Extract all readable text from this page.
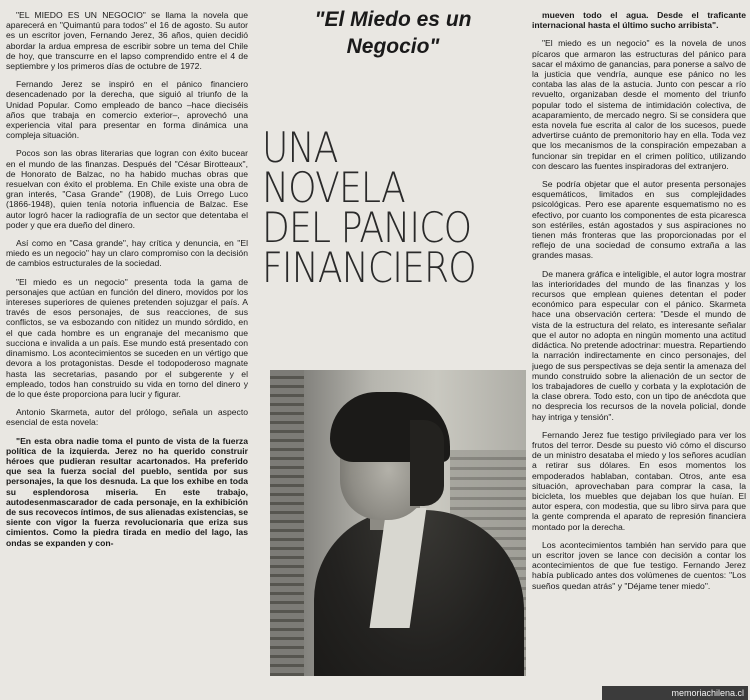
"EL MIEDO ES UN NEGOCIO" se llama la novela que aparecerá en "Quimantú para todos" el 16 de agosto. Su autor es un escritor joven, Fernando Jerez, 36 años, quien decidió abordar la ardua empresa de escribir sobre un tema del Chile de hoy, que transcurre en el lapso comprendido entre el 4 de septiembre y los primeros días de octubre de 1972.

Fernando Jerez se inspiró en el pánico financiero desencadenado por la derecha, que siguió al triunfo de la Unidad Popular. Como empleado de banco –hace dieciséis años que trabaja en comercio exterior–, aprovechó una experiencia vital para presentar en forma dinámica una compleja situación.

Pocos son las obras literarias que logran con éxito bucear en el mundo de las finanzas. Después del "César Birotteaux", de Honorato de Balzac, no ha habido muchas obras que resuelvan con éxito el problema. En Chile existe una obra de gran interés, "Casa Grande" (1908), de Luis Orrego Luco (1866-1948), quien tenía notoria influencia de Balzac. Ese autor logró hacer la radiografía de un sector que detentaba el poder y que era dueño del dinero.

Así como en "Casa grande", hay crítica y denuncia, en "El miedo es un negocio" hay un claro compromiso con la decisión de cambios estructurales de la sociedad.

"El miedo es un negocio" presenta toda la gama de personajes que actúan en función del dinero, movidos por los intereses superiores de quienes pretenden sojuzgar el país. A través de esos personajes, de sus reacciones, de sus conflictos, se va esbozando con nitidez un mundo sórdido, en el que cada hombre es un engranaje del mecanismo que succiona e invalida a un país. Ese mundo está presentado con dinamismo. Los acontecimientos se suceden en un vértigo que devora a los protagonistas. Desde el todopoderoso magnate hasta las secretarias, pasando por el subgerente y el empleado, todos han construido su vida en torno del dinero y de lo que éste proporciona para lucir y figurar.

Antonio Skarmeta, autor del prólogo, señala un aspecto esencial de esta novela:

"En esta obra nadie toma el punto de vista de la fuerza política de la izquierda. Jerez no ha querido construir héroes que pudieran resultar acartonados. Ha preferido que sea la fuerza social del pueblo, sentida por sus personajes, la que los desnuda. La que los exhibe en toda su esplendorosa miseria. En este trabajo, autodesenmascarador de cada personaje, en la exhibición de sus recovecos íntimos, de sus alienadas existencias, se siente con vigor la fuerza revolucionaria que eriza sus cimientos. Como la piedra tirada en medio del lago, las ondas se expanden y con-

"El Miedo es un
Negocio"
UNA
NOVELA
DEL PANICO
FINANCIERO

mueven todo el agua. Desde el traficante internacional hasta el último sucho arribista".

"El miedo es un negocio" es la novela de unos pícaros que armaron las estructuras del pánico para sacar el máximo de ganancias, para ponerse a salvo de la justicia que vendría, aunque ese pánico no les contaba las alas de la astucia. Junto con pescar a río revuelto, organizaban desde el momento del triunfo popular todo el sistema de intimidación colectiva, de acaparamiento, de mercado negro. Si se considera que esta novela fue escrita al calor de los sucesos, puede advertirse cuánto de premonitorio hay en ella. Toda vez que los mecanismos de la conspiración empezaban a funcionar sin trepidar en el crimen político, utilizando con descaro las fuentes inspiradoras del extranjero.

Se podría objetar que el autor presenta personajes esquemáticos, limitados en sus complejidades psicológicas. Pero ese aparente esquematismo no es efectivo, por cuanto los componentes de esta picaresca son estériles, están agostados y sus aspiraciones no tienen más fronteras que las proporcionadas por el reflejo de una sociedad de consumo extraña a las grandes masas.

De manera gráfica e inteligible, el autor logra mostrar las interioridades del mundo de las finanzas y los recursos que emplean quienes detentan el poder económico para especular con el pánico. Skarmeta hace una observación certera: "Desde el mundo de vista de la estructura del relato, es interesante señalar que el autor no adopta en ningún momento una actitud didáctica. No pretende adoctrinar: muestra. Repartiendo la narración indirectamente en cinco personajes, del juego de sus perspectivas se deja sentir la amenaza del mundo construido sobre la alienación de un sector de los trabajadores de cuello y corbata y la explotación de la clase obrera. Todo esto, con un tipo de anécdota que no desprecia los recursos de la novela policial, donde hay intriga y tensión".

Fernando Jerez fue testigo privilegiado para ver los frutos del terror. Desde su puesto vió cómo el discurso de un ministro desataba el miedo y los señores acudían a retirar sus dólares. En esos momentos los empoderados hablaban, contaban. Otros, ante esa situación, aprovechaban para comprar la casa, la bicicleta, los muebles que dejaban los que huían. El autor espera, con modestia, que su libro sirva para que la gente comprenda el aparato de represión financiera montado por la derecha.

Los acontecimientos también han servido para que un escritor joven se lance con decisión a contar los acontecimientos de que fue testigo. Fernando Jerez había publicado antes dos volúmenes de cuentos: "Los sueños quedan atrás" y "Déjame tener miedo".

memoriachilena.cl
